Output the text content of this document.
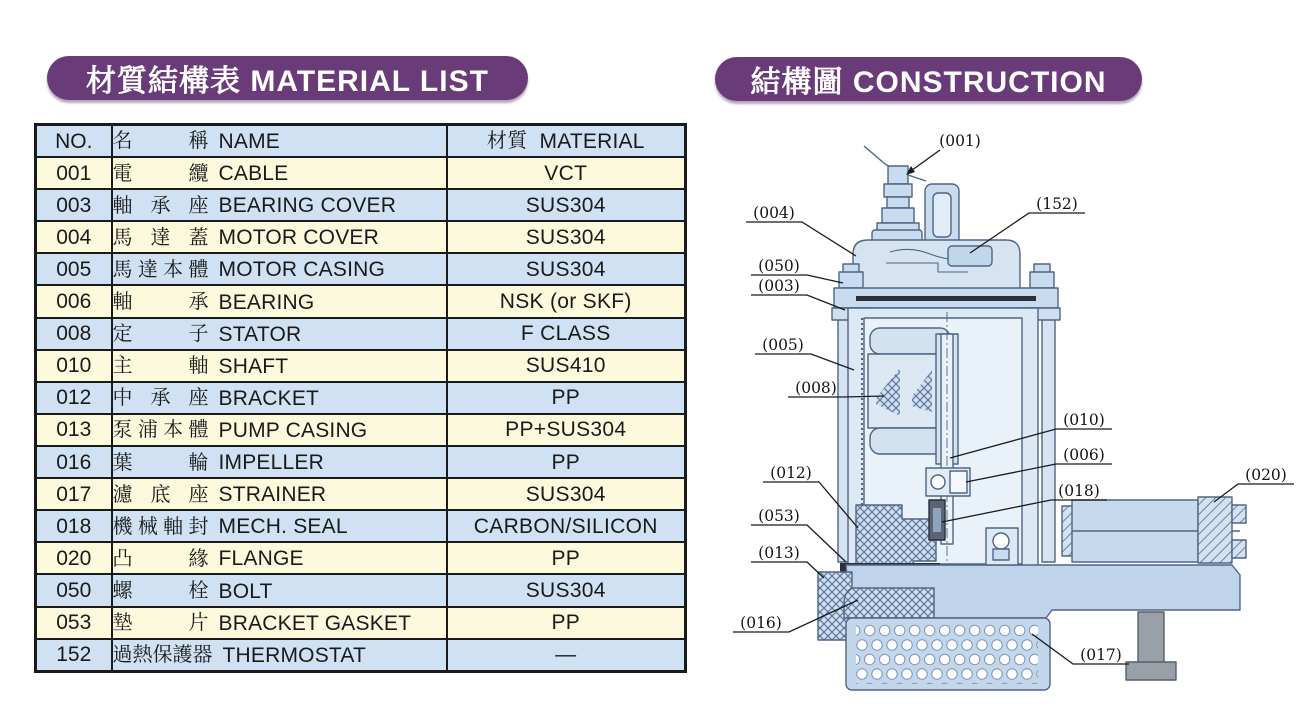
材質結構表 MATERIAL LIST	結構圖 CONSTRUCTION
NO.	名稱 NAME	材質 MATERIAL
001	電纜 CABLE	VCT
003	軸承座 BEARING COVER	SUS304
004	馬達蓋 MOTOR COVER	SUS304
005	馬達本體 MOTOR CASING	SUS304
006	軸承 BEARING	NSK (or SKF)
008	定子 STATOR	F CLASS
010	主軸 SHAFT	SUS410
012	中承座 BRACKET	PP
013	泵浦本體 PUMP CASING	PP+SUS304
016	葉輪 IMPELLER	PP
017	濾底座 STRAINER	SUS304
018	機械軸封 MECH. SEAL	CARBON/SILICON
020	凸緣 FLANGE	PP
050	螺栓 BOLT	SUS304
053	墊片 BRACKET GASKET	PP
152	過熱保護器 THERMOSTAT	—
(001)
(004)	(152)
(050)
(003)
(005)
(008)
(010)
(006)
(012)
(018)
(020)
(053)
(013)
(016)
(017)
